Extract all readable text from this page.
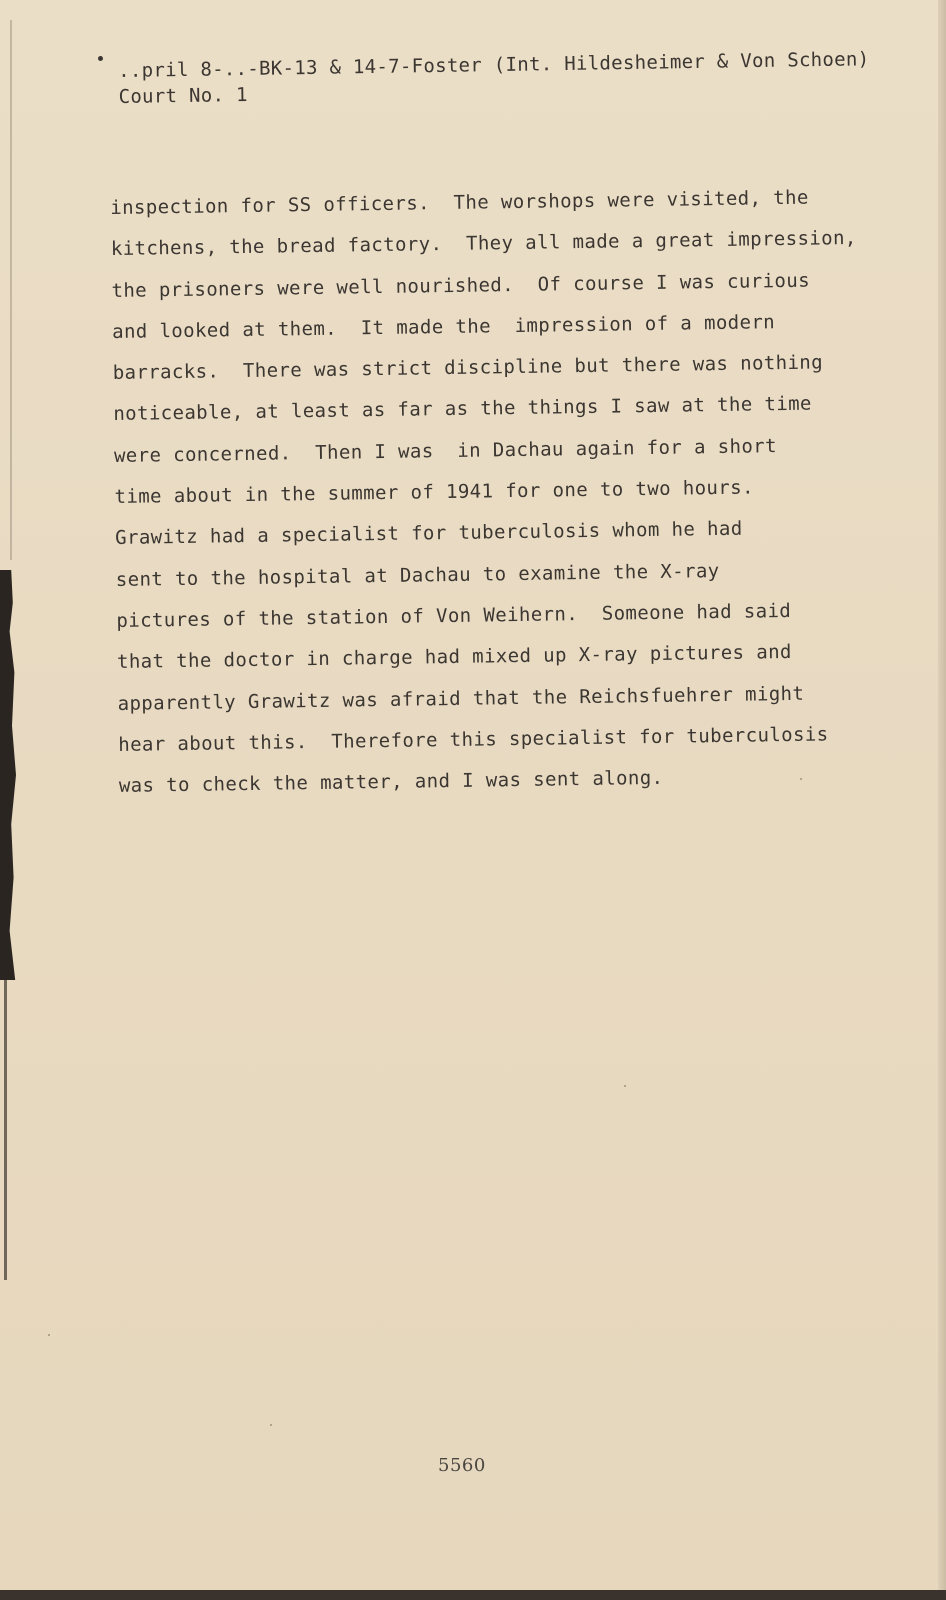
..pril 8-..-BK-13 & 14-7-Foster (Int. Hildesheimer & Von Schoen)
Court No. 1
inspection for SS officers.  The worshops were visited, the
kitchens, the bread factory.  They all made a great impression,
the prisoners were well nourished.  Of course I was curious
and looked at them.  It made the  impression of a modern
barracks.  There was strict discipline but there was nothing
noticeable, at least as far as the things I saw at the time
were concerned.  Then I was  in Dachau again for a short
time about in the summer of 1941 for one to two hours.
Grawitz had a specialist for tuberculosis whom he had
sent to the hospital at Dachau to examine the X-ray
pictures of the station of Von Weihern.  Someone had said
that the doctor in charge had mixed up X-ray pictures and
apparently Grawitz was afraid that the Reichsfuehrer might
hear about this.  Therefore this specialist for tuberculosis
was to check the matter, and I was sent along.
5560
